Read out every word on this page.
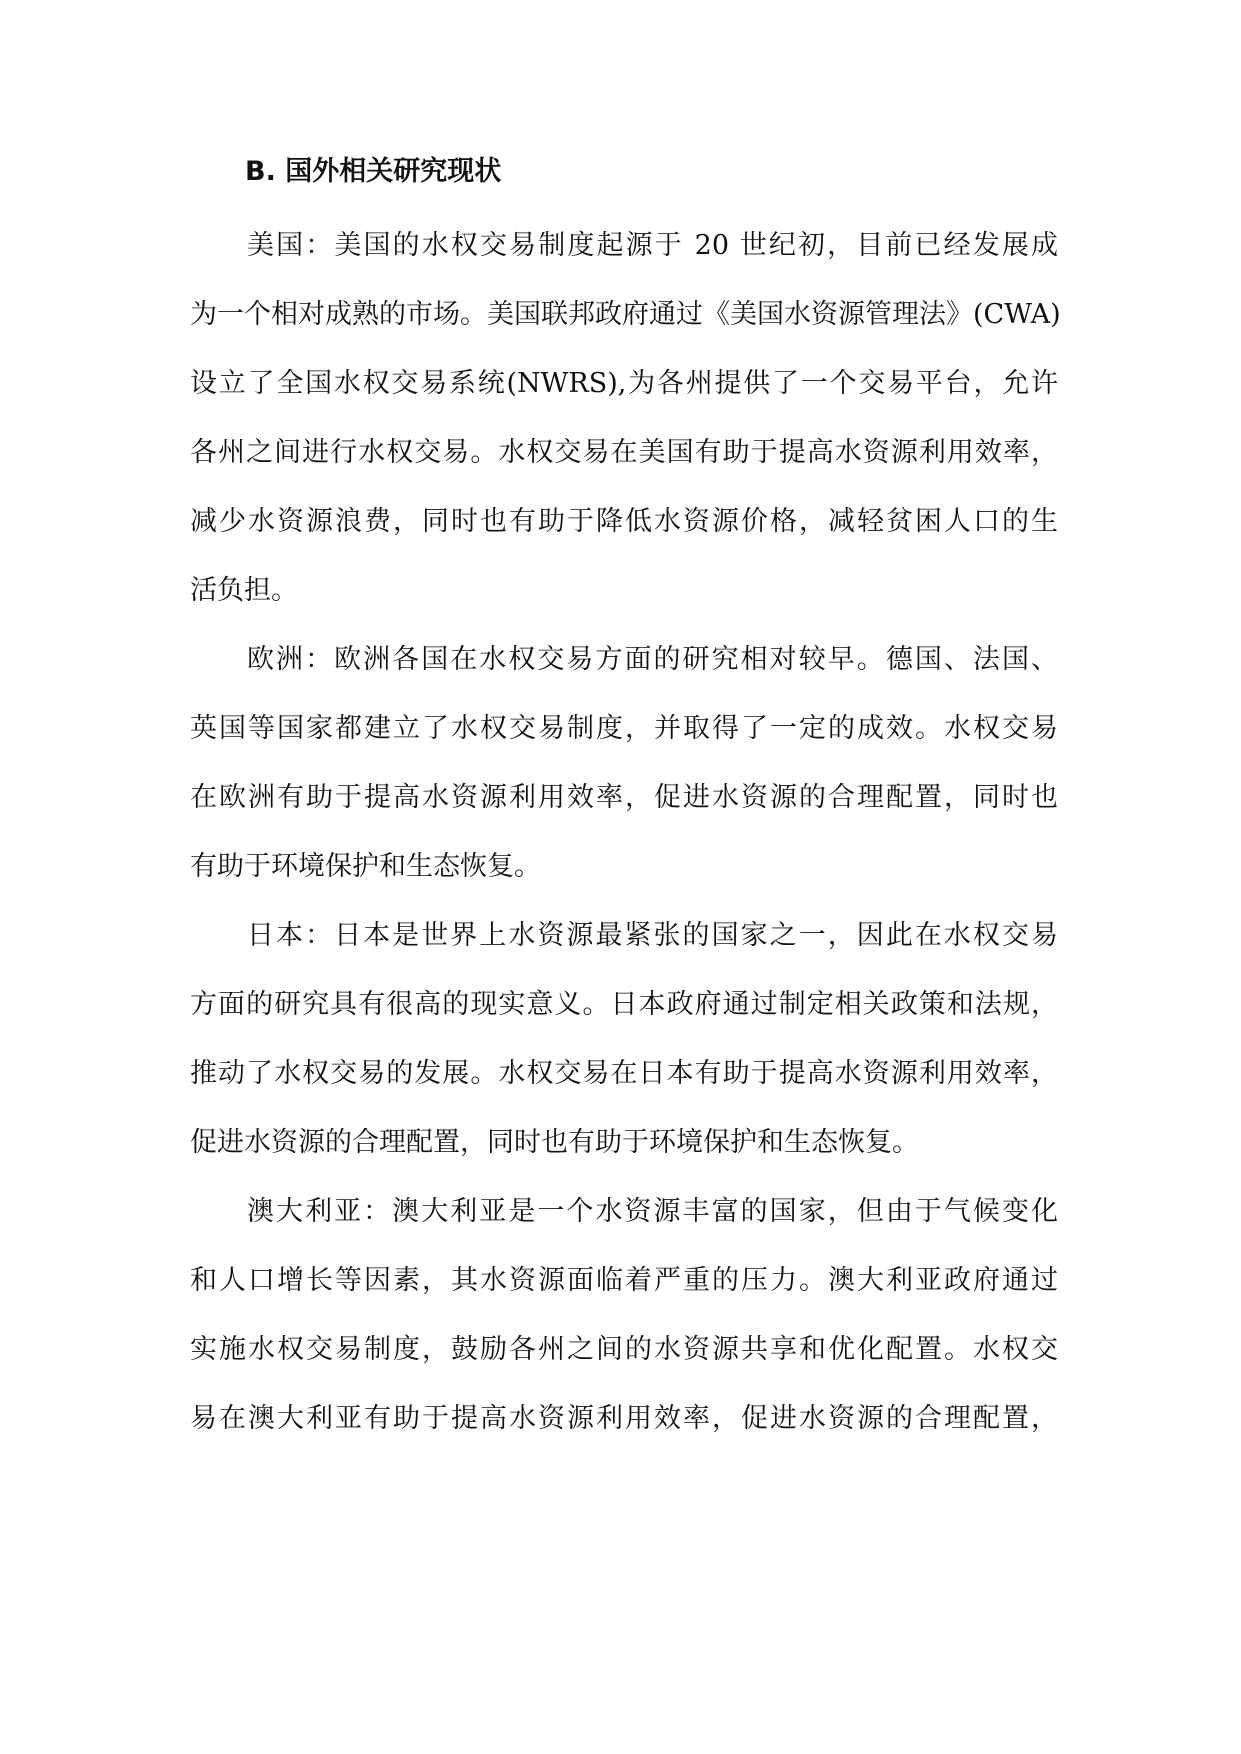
B. 国外相关研究现状
美国：美国的水权交易制度起源于 20 世纪初，目前已经发展成
为一个相对成熟的市场。美国联邦政府通过《美国水资源管理法》(CWA)
设立了全国水权交易系统(NWRS),为各州提供了一个交易平台，允许
各州之间进行水权交易。水权交易在美国有助于提高水资源利用效率，
减少水资源浪费，同时也有助于降低水资源价格，减轻贫困人口的生
活负担。
欧洲：欧洲各国在水权交易方面的研究相对较早。德国、法国、
英国等国家都建立了水权交易制度，并取得了一定的成效。水权交易
在欧洲有助于提高水资源利用效率，促进水资源的合理配置，同时也
有助于环境保护和生态恢复。
日本：日本是世界上水资源最紧张的国家之一，因此在水权交易
方面的研究具有很高的现实意义。日本政府通过制定相关政策和法规，
推动了水权交易的发展。水权交易在日本有助于提高水资源利用效率，
促进水资源的合理配置，同时也有助于环境保护和生态恢复。
澳大利亚：澳大利亚是一个水资源丰富的国家，但由于气候变化
和人口增长等因素，其水资源面临着严重的压力。澳大利亚政府通过
实施水权交易制度，鼓励各州之间的水资源共享和优化配置。水权交
易在澳大利亚有助于提高水资源利用效率，促进水资源的合理配置，
